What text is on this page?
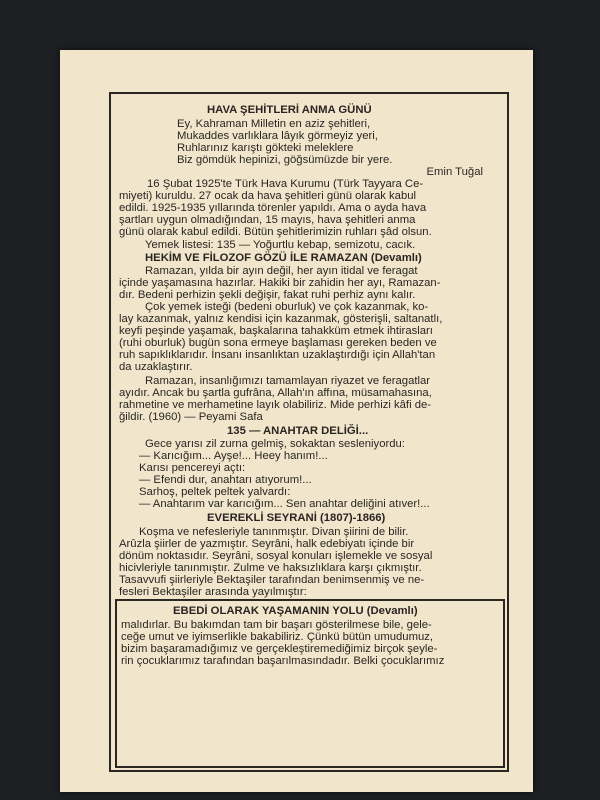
HAVA ŞEHİTLERİ ANMA GÜNÜ
Ey, Kahraman Milletin en aziz şehitleri,
Mukaddes varlıklara lâyık görmeyiz yeri,
Ruhlarınız karıştı gökteki meleklere
Biz gömdük hepinizi, göğsümüzde bir yere.
Emin Tuğal
16 Şubat 1925'te Türk Hava Kurumu (Türk Tayyara Ce-
miyeti) kuruldu. 27 ocak da hava şehitleri günü olarak kabul
edildi. 1925-1935 yıllarında törenler yapıldı. Ama o ayda hava
şartları uygun olmadığından, 15 mayıs, hava şehitleri anma
günü olarak kabul edildi. Bütün şehitlerimizin ruhları şâd olsun.
Yemek listesi: 135 — Yoğurtlu kebap, semizotu, cacık.
HEKİM VE FİLOZOF GÖZÜ İLE RAMAZAN (Devamlı)
Ramazan, yılda bir ayın değil, her ayın itidal ve feragat
içinde yaşamasına hazırlar. Hakiki bir zahidin her ayı, Ramazan-
dır. Bedeni perhizin şekli değişir, fakat ruhi perhiz aynı kalır.
Çok yemek isteği (bedeni oburluk) ve çok kazanmak, ko-
lay kazanmak, yalnız kendisi için kazanmak, gösterişli, saltanatlı,
keyfi peşinde yaşamak, başkalarına tahakküm etmek ihtirasları
(ruhi oburluk) bugün sona ermeye başlaması gereken beden ve
ruh sapıklıklarıdır. İnsanı insanlıktan uzaklaştırdığı için Allah'tan
da uzaklaştırır.
Ramazan, insanlığımızı tamamlayan riyazet ve feragatlar
ayıdır. Ancak bu şartla gufrâna, Allah'ın affına, müsamahasına,
rahmetine ve merhametine layık olabiliriz. Mide perhizi kâfi de-
ğildir. (1960) — Peyami Safa
135 — ANAHTAR DELİĞİ...
Gece yarısı zil zurna gelmiş, sokaktan sesleniyordu:
— Karıcığım... Ayşe!... Heey hanım!...
Karısı pencereyi açtı:
— Efendi dur, anahtarı atıyorum!...
Sarhoş, peltek peltek yalvardı:
— Anahtarım var karıcığım... Sen anahtar deliğini atıver!...
EVEREKLİ SEYRANİ (1807)-1866)
Koşma ve nefesleriyle tanınmıştır. Divan şiirini de bilir.
Arûzla şiirler de yazmıştır. Seyrâni, halk edebiyatı içinde bir
dönüm noktasıdır. Seyrâni, sosyal konuları işlemekle ve sosyal
hicivleriyle tanınmıştır. Zulme ve haksızlıklara karşı çıkmıştır.
Tasavvufi şiirleriyle Bektaşiler tarafından benimsenmiş ve ne-
fesleri Bektaşiler arasında yayılmıştır:
EBEDİ OLARAK YAŞAMANIN YOLU (Devamlı)
malıdırlar. Bu bakımdan tam bir başarı gösterilmese bile, gele-
ceğe umut ve iyimserlikle bakabiliriz. Çünkü bütün umudumuz,
bizim başaramadığımız ve gerçekleştiremediğimiz birçok şeyle-
rin çocuklarımız tarafından başarılmasındadır. Belki çocuklarımız
